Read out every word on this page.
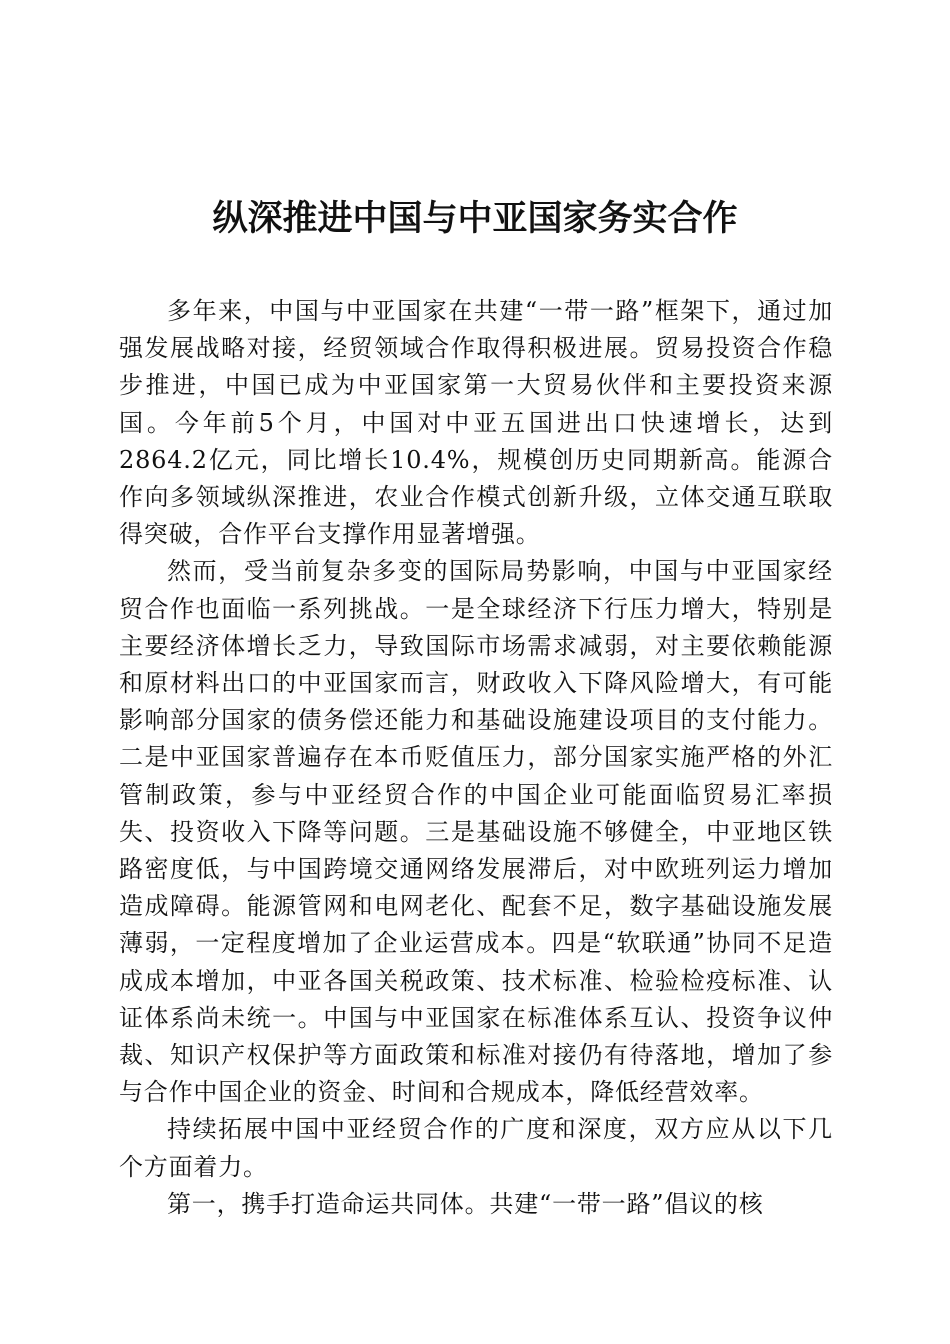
纵深推进中国与中亚国家务实合作

多年来，中国与中亚国家在共建“一带一路”框架下，通过加强发展战略对接，经贸领域合作取得积极进展。贸易投资合作稳步推进，中国已成为中亚国家第一大贸易伙伴和主要投资来源国。今年前5个月，中国对中亚五国进出口快速增长，达到2864.2亿元，同比增长10.4%，规模创历史同期新高。能源合作向多领域纵深推进，农业合作模式创新升级，立体交通互联取得突破，合作平台支撑作用显著增强。

然而，受当前复杂多变的国际局势影响，中国与中亚国家经贸合作也面临一系列挑战。一是全球经济下行压力增大，特别是主要经济体增长乏力，导致国际市场需求减弱，对主要依赖能源和原材料出口的中亚国家而言，财政收入下降风险增大，有可能影响部分国家的债务偿还能力和基础设施建设项目的支付能力。二是中亚国家普遍存在本币贬值压力，部分国家实施严格的外汇管制政策，参与中亚经贸合作的中国企业可能面临贸易汇率损失、投资收入下降等问题。三是基础设施不够健全，中亚地区铁路密度低，与中国跨境交通网络发展滞后，对中欧班列运力增加造成障碍。能源管网和电网老化、配套不足，数字基础设施发展薄弱，一定程度增加了企业运营成本。四是“软联通”协同不足造成成本增加，中亚各国关税政策、技术标准、检验检疫标准、认证体系尚未统一。中国与中亚国家在标准体系互认、投资争议仲裁、知识产权保护等方面政策和标准对接仍有待落地，增加了参与合作中国企业的资金、时间和合规成本，降低经营效率。

持续拓展中国中亚经贸合作的广度和深度，双方应从以下几个方面着力。

第一，携手打造命运共同体。共建“一带一路”倡议的核
